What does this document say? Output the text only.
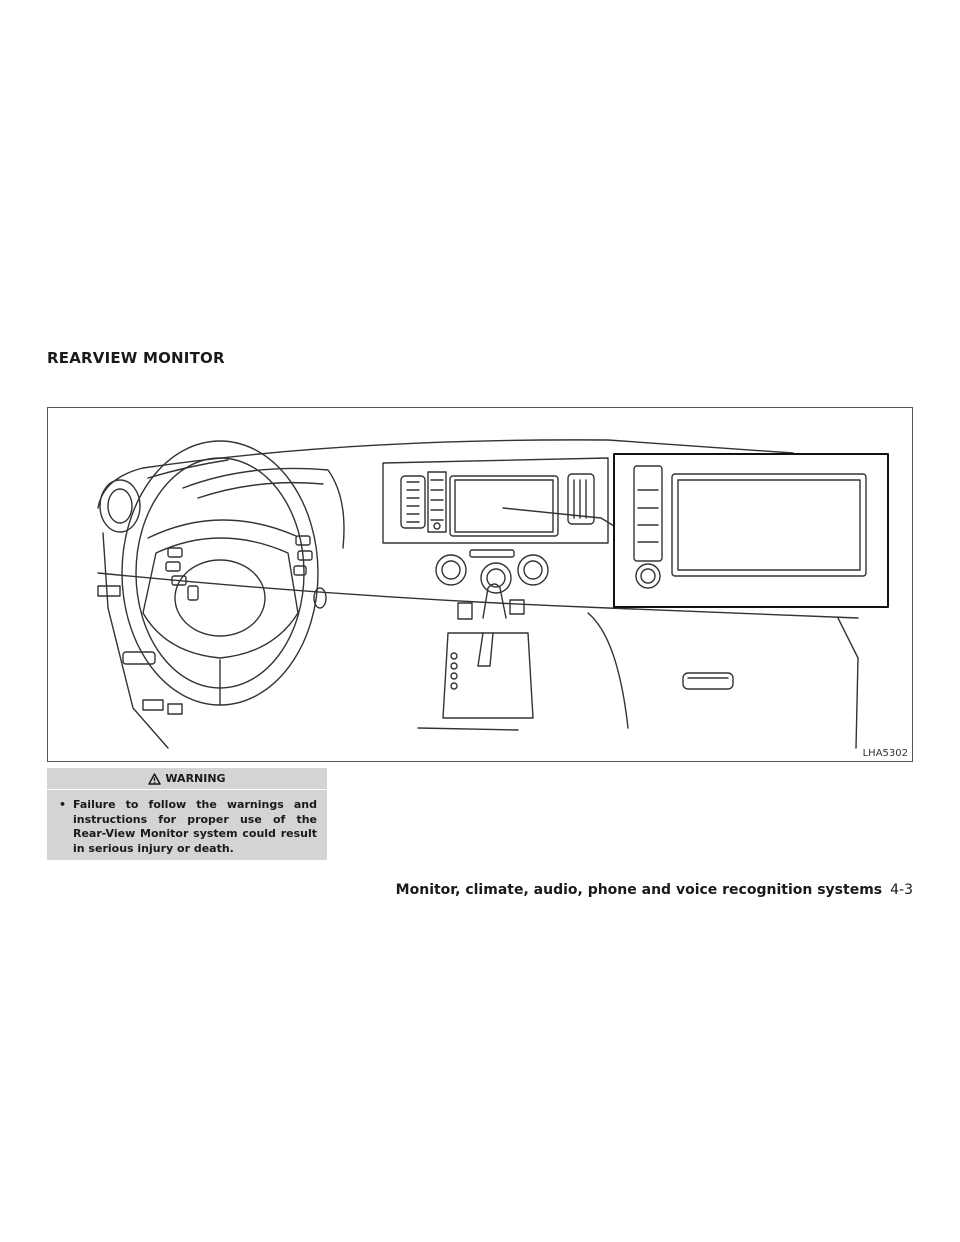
REARVIEW MONITOR
LHA5302
WARNING
• Failure to follow the warnings and instructions for proper use of the Rear-View Monitor system could result in serious injury or death.
Monitor, climate, audio, phone and voice recognition systems 4-3
